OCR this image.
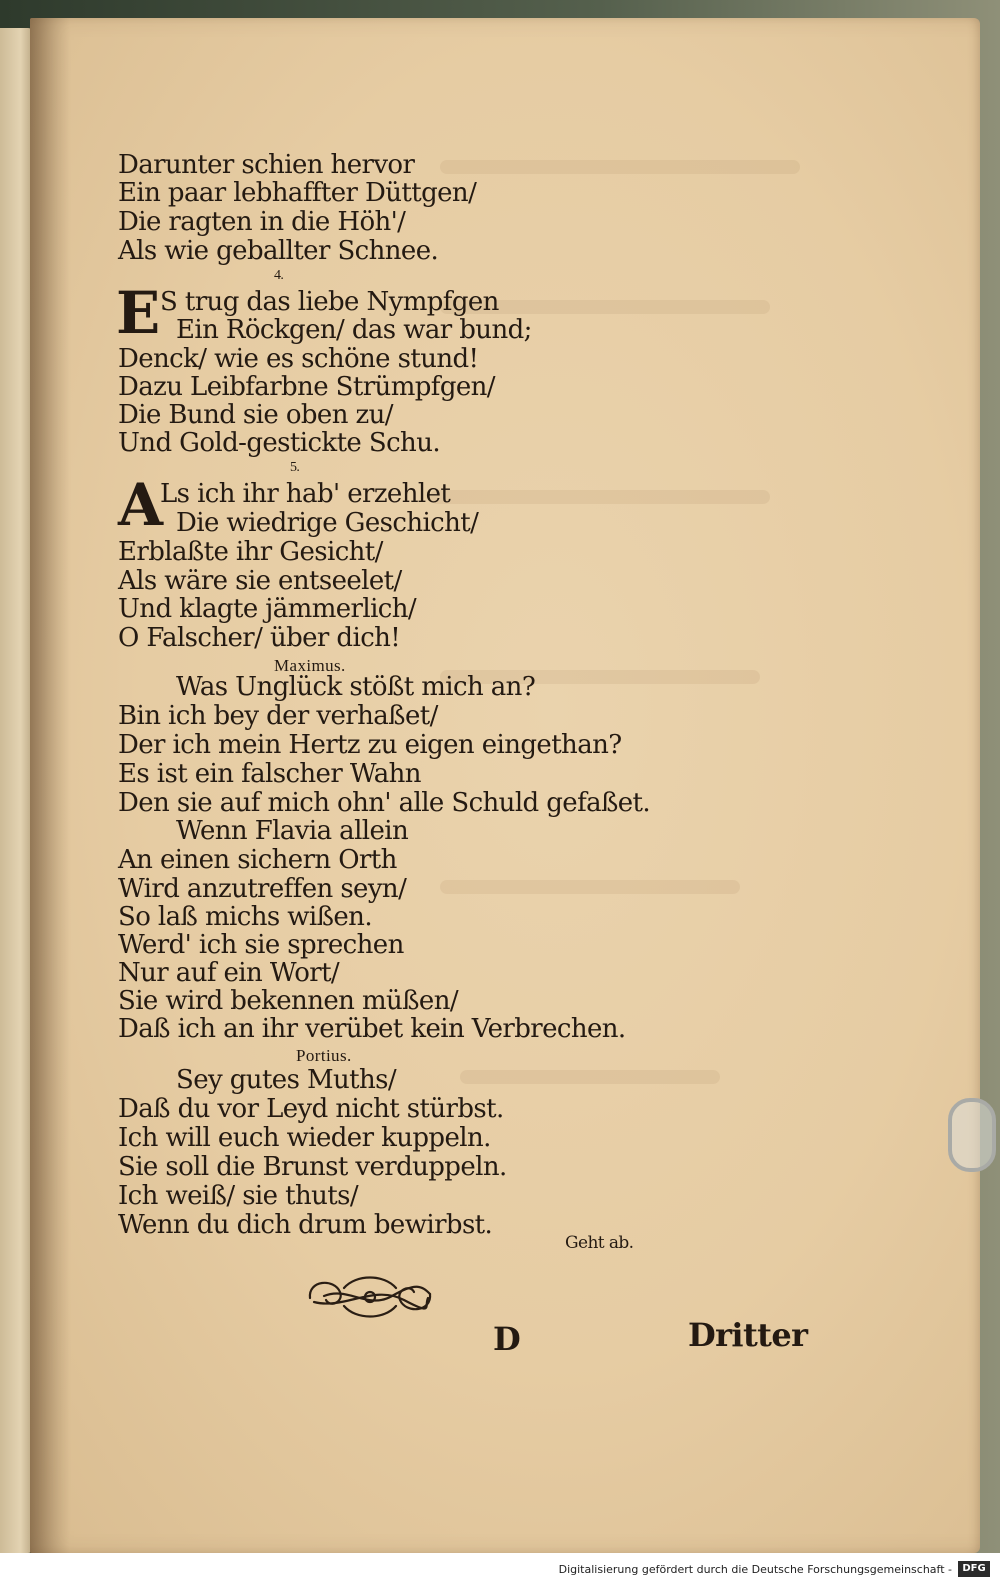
Darunter schien hervor
Ein paar lebhaffter Düttgen/
Die ragten in die Höh'/
Als wie geballter Schnee.
4.
E S trug das liebe Nympfgen
Ein Röckgen/ das war bund;
Denck/ wie es schöne stund!
Dazu Leibfarbne Strümpfgen/
Die Bund sie oben zu/
Und Gold-gestickte Schu.
5.
A
Ls ich ihr hab' erzehlet
Die wiedrige Geschicht/
Erblaßte ihr Gesicht/
Als wäre sie entseelet/
Und klagte jämmerlich/
O Falscher/ über dich!
Maximus.
Was Unglück stößt mich an?
Bin ich bey der verhaßet/
Der ich mein Hertz zu eigen eingethan?
Es ist ein falscher Wahn
Den sie auf mich ohn' alle Schuld gefaßet.
Wenn Flavia allein
An einen sichern Orth
Wird anzutreffen seyn/
So laß michs wißen.
Werd' ich sie sprechen
Nur auf ein Wort/
Sie wird bekennen müßen/
Daß ich an ihr verübet kein Verbrechen.
Portius.
Sey gutes Muths/
Daß du vor Leyd nicht stürbst.
Ich will euch wieder kuppeln.
Sie soll die Brunst verduppeln.
Ich weiß/ sie thuts/
Wenn du dich drum bewirbst.
Geht ab.
D	Dritter
Digitalisierung gefördert durch die Deutsche Forschungsgemeinschaft -	DFG
